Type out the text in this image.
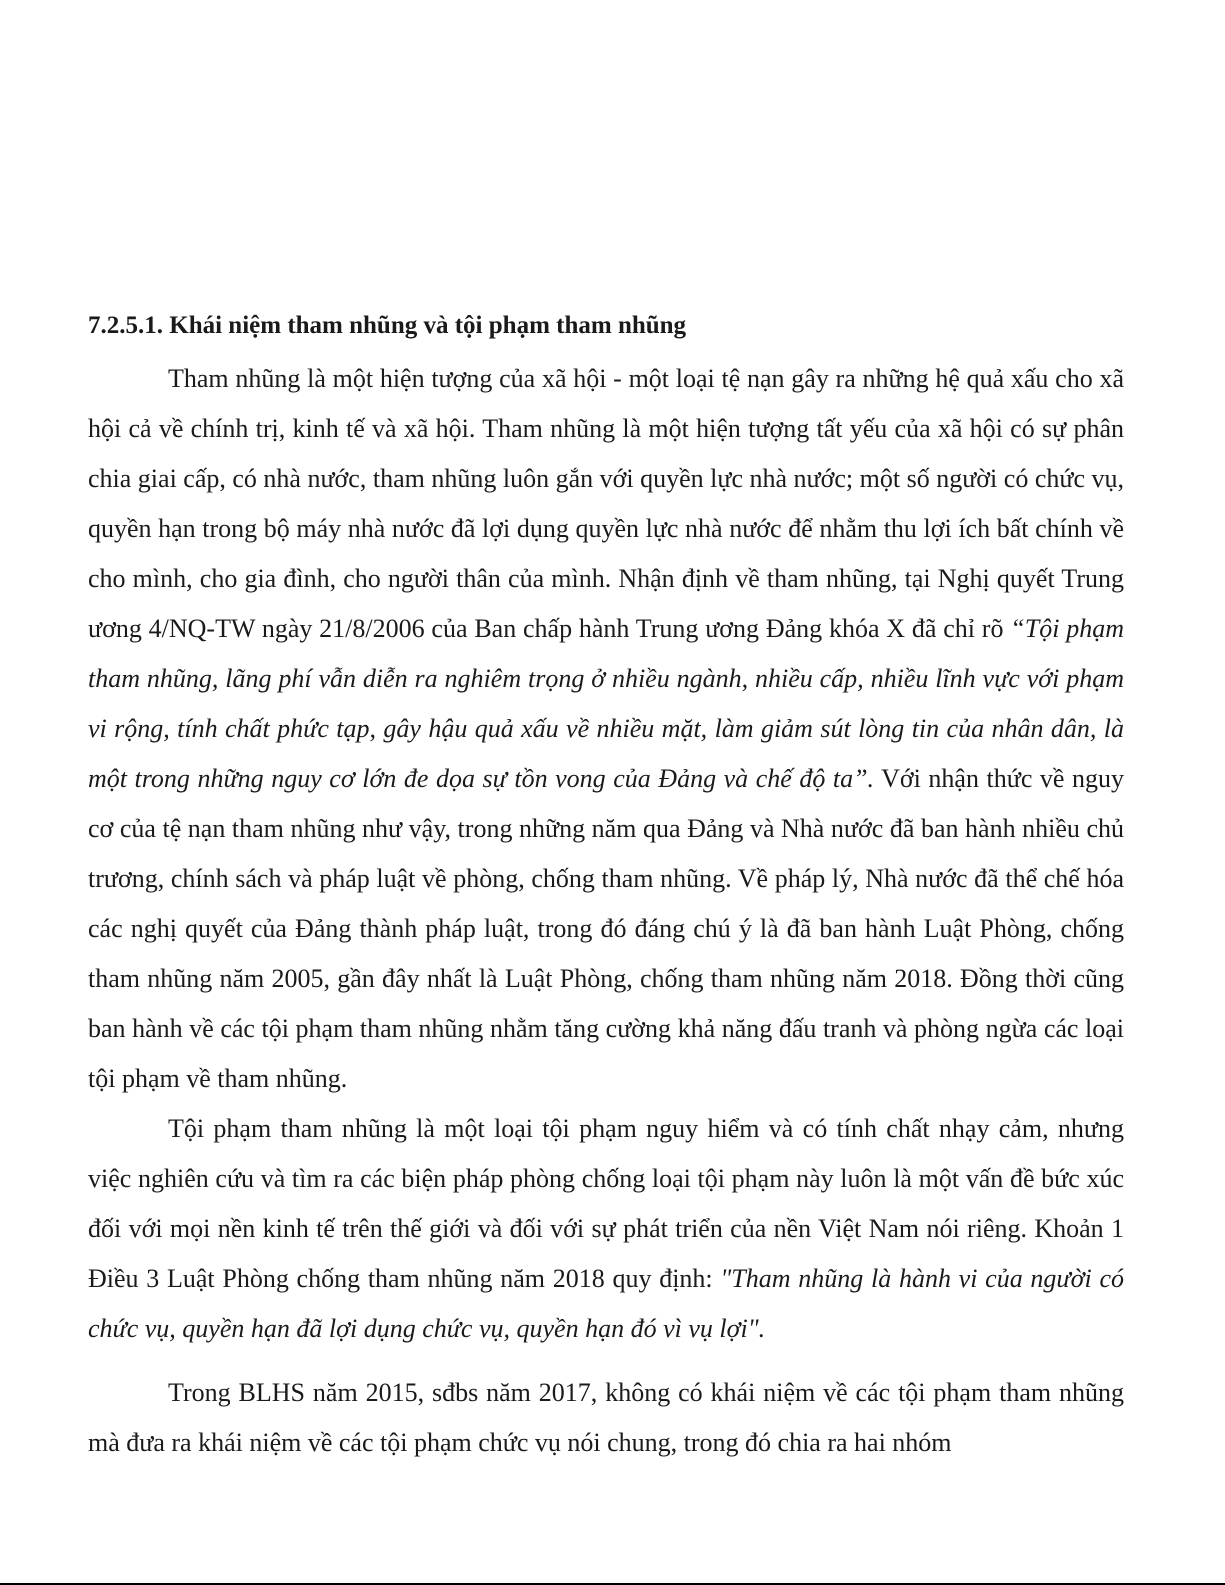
7.2.5.1. Khái niệm tham nhũng và tội phạm tham nhũng

Tham nhũng là một hiện tượng của xã hội - một loại tệ nạn gây ra những hệ quả xấu cho xã hội cả về chính trị, kinh tế và xã hội. Tham nhũng là một hiện tượng tất yếu của xã hội có sự phân chia giai cấp, có nhà nước, tham nhũng luôn gắn với quyền lực nhà nước; một số người có chức vụ, quyền hạn trong bộ máy nhà nước đã lợi dụng quyền lực nhà nước để nhằm thu lợi ích bất chính về cho mình, cho gia đình, cho người thân của mình. Nhận định về tham nhũng, tại Nghị quyết Trung ương 4/NQ-TW ngày 21/8/2006 của Ban chấp hành Trung ương Đảng khóa X đã chỉ rõ “Tội phạm tham nhũng, lãng phí vẫn diễn ra nghiêm trọng ở nhiều ngành, nhiều cấp, nhiều lĩnh vực với phạm vi rộng, tính chất phức tạp, gây hậu quả xấu về nhiều mặt, làm giảm sút lòng tin của nhân dân, là một trong những nguy cơ lớn đe dọa sự tồn vong của Đảng và chế độ ta”. Với nhận thức về nguy cơ của tệ nạn tham nhũng như vậy, trong những năm qua Đảng và Nhà nước đã ban hành nhiều chủ trương, chính sách và pháp luật về phòng, chống tham nhũng. Về pháp lý, Nhà nước đã thể chế hóa các nghị quyết của Đảng thành pháp luật, trong đó đáng chú ý là đã ban hành Luật Phòng, chống tham nhũng năm 2005, gần đây nhất là Luật Phòng, chống tham nhũng năm 2018. Đồng thời cũng ban hành về các tội phạm tham nhũng nhằm tăng cường khả năng đấu tranh và phòng ngừa các loại tội phạm về tham nhũng.

Tội phạm tham nhũng là một loại tội phạm nguy hiểm và có tính chất nhạy cảm, nhưng việc nghiên cứu và tìm ra các biện pháp phòng chống loại tội phạm này luôn là một vấn đề bức xúc đối với mọi nền kinh tế trên thế giới và đối với sự phát triển của nền Việt Nam nói riêng. Khoản 1 Điều 3 Luật Phòng chống tham nhũng năm 2018 quy định: "Tham nhũng là hành vi của người có chức vụ, quyền hạn đã lợi dụng chức vụ, quyền hạn đó vì vụ lợi".

Trong BLHS năm 2015, sđbs năm 2017, không có khái niệm về các tội phạm tham nhũng mà đưa ra khái niệm về các tội phạm chức vụ nói chung, trong đó chia ra hai nhóm
